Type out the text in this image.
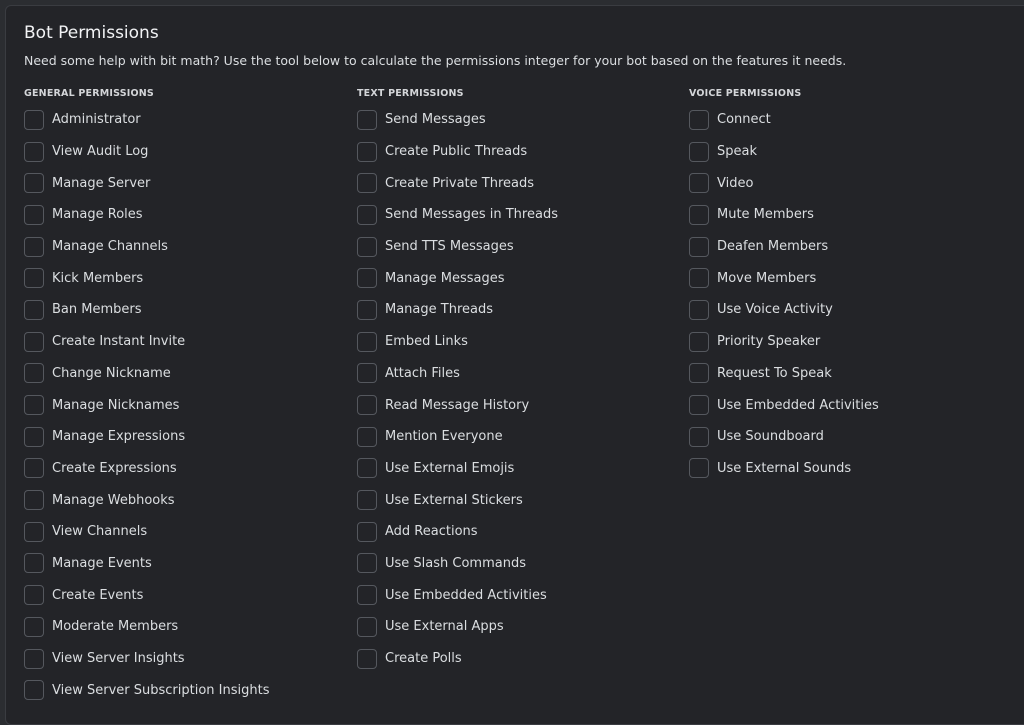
Bot Permissions
Need some help with bit math? Use the tool below to calculate the permissions integer for your bot based on the features it needs.
GENERAL PERMISSIONS
Administrator
View Audit Log
Manage Server
Manage Roles
Manage Channels
Kick Members
Ban Members
Create Instant Invite
Change Nickname
Manage Nicknames
Manage Expressions
Create Expressions
Manage Webhooks
View Channels
Manage Events
Create Events
Moderate Members
View Server Insights
View Server Subscription Insights
TEXT PERMISSIONS
Send Messages
Create Public Threads
Create Private Threads
Send Messages in Threads
Send TTS Messages
Manage Messages
Manage Threads
Embed Links
Attach Files
Read Message History
Mention Everyone
Use External Emojis
Use External Stickers
Add Reactions
Use Slash Commands
Use Embedded Activities
Use External Apps
Create Polls
VOICE PERMISSIONS
Connect
Speak
Video
Mute Members
Deafen Members
Move Members
Use Voice Activity
Priority Speaker
Request To Speak
Use Embedded Activities
Use Soundboard
Use External Sounds
